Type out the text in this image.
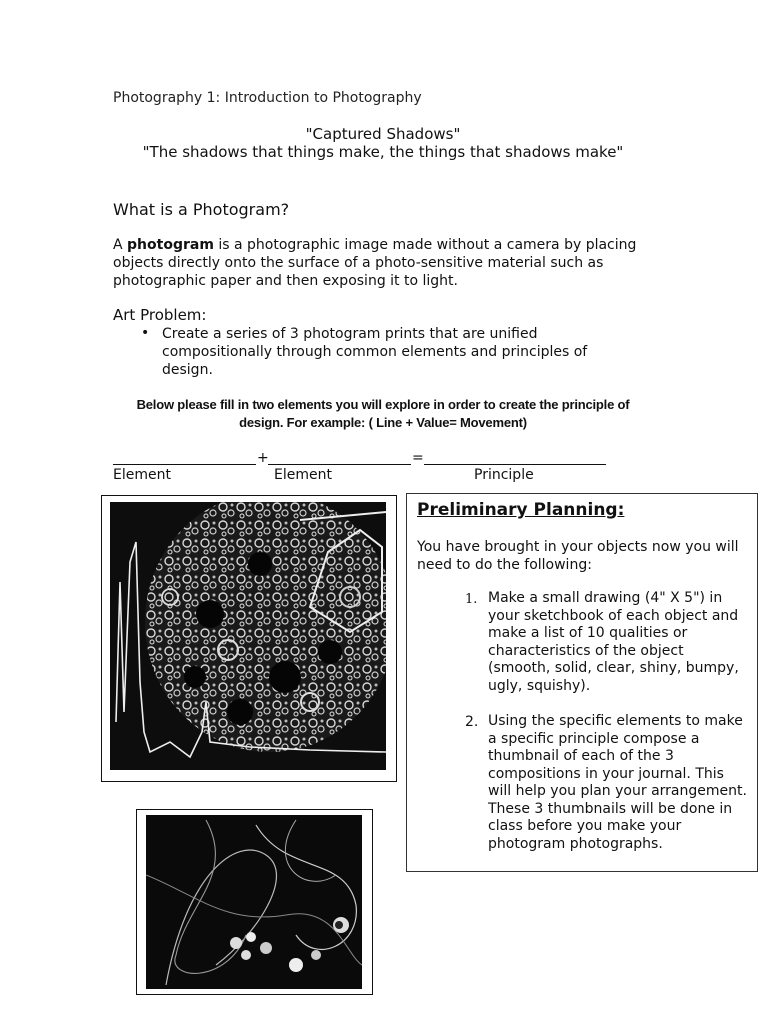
Photography 1: Introduction to Photography
"Captured Shadows"
"The shadows that things make, the things that shadows make"
What is a Photogram?
A photogram is a photographic image made without a camera by placing objects directly onto the surface of a photo-sensitive material such as photographic paper and then exposing it to light.
Art Problem:
• Create a series of 3 photogram prints that are unified compositionally through common elements and principles of design.
Below please fill in two elements you will explore in order to create the principle of design. For example: ( Line + Value= Movement)
+	=
Element	Element	Principle
Preliminary Planning:
You have brought in your objects now you will need to do the following:
1. Make a small drawing (4" X 5") in your sketchbook of each object and make a list of 10 qualities or characteristics of the object (smooth, solid, clear, shiny, bumpy, ugly, squishy).
2. Using the specific elements to make a specific principle compose a thumbnail of each of the 3 compositions in your journal. This will help you plan your arrangement. These 3 thumbnails will be done in class before you make your photogram photographs.
